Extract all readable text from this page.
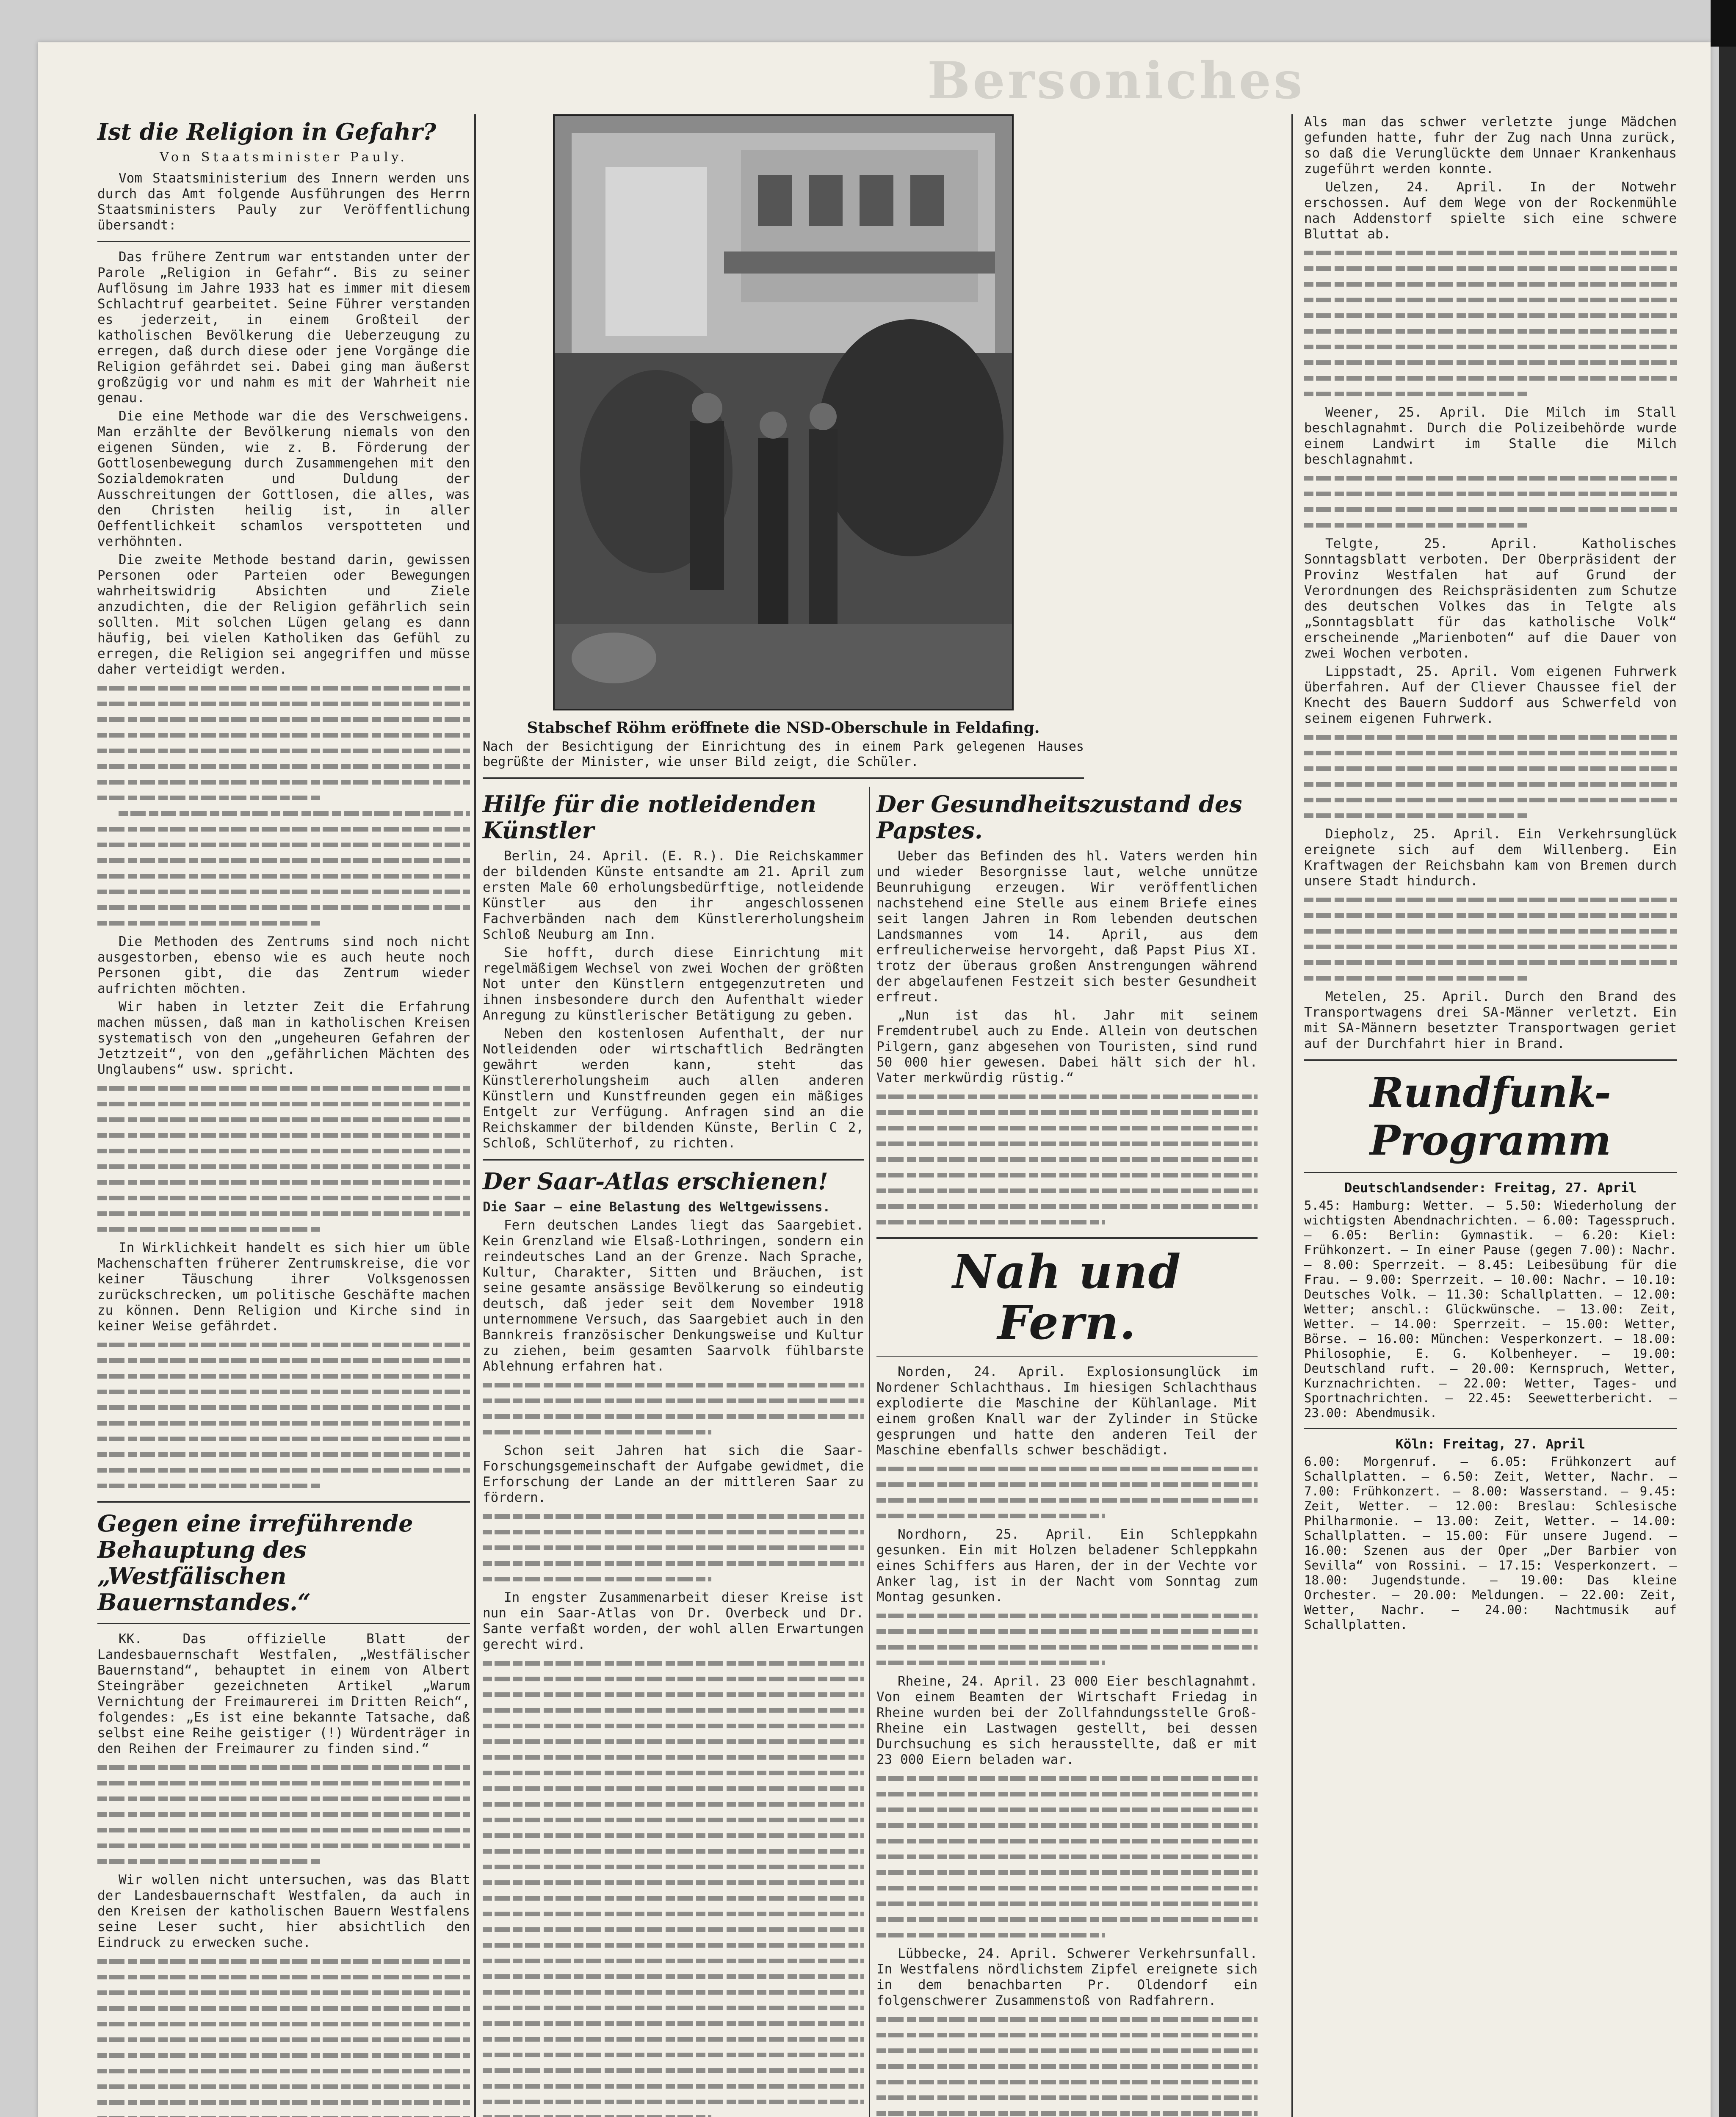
Bersoniches
Ist die Religion in Gefahr?
Von Staatsminister Pauly.
Vom Staatsministerium des Innern werden uns durch das Amt folgende Ausführungen des Herrn Staatsministers Pauly zur Veröffentlichung übersandt:
Das frühere Zentrum war entstanden unter der Parole „Religion in Gefahr“. Bis zu seiner Auflösung im Jahre 1933 hat es immer mit diesem Schlachtruf gearbeitet. Seine Führer verstanden es jederzeit, in einem Großteil der katholischen Bevölkerung die Ueberzeugung zu erregen, daß durch diese oder jene Vorgänge die Religion gefährdet sei. Dabei ging man äußerst großzügig vor und nahm es mit der Wahrheit nie genau.
Die eine Methode war die des Verschweigens. Man erzählte der Bevölkerung niemals von den eigenen Sünden, wie z. B. Förderung der Gottlosenbewegung durch Zusammengehen mit den Sozialdemokraten und Duldung der Ausschreitungen der Gottlosen, die alles, was den Christen heilig ist, in aller Oeffentlichkeit schamlos verspotteten und verhöhnten.
Die zweite Methode bestand darin, gewissen Personen oder Parteien oder Bewegungen wahrheitswidrig Absichten und Ziele anzudichten, die der Religion gefährlich sein sollten. Mit solchen Lügen gelang es dann häufig, bei vielen Katholiken das Gefühl zu erregen, die Religion sei angegriffen und müsse daher verteidigt werden.
Die Methoden des Zentrums sind noch nicht ausgestorben, ebenso wie es auch heute noch Personen gibt, die das Zentrum wieder aufrichten möchten.
Wir haben in letzter Zeit die Erfahrung machen müssen, daß man in katholischen Kreisen systematisch von den „ungeheuren Gefahren der Jetztzeit“, von den „gefährlichen Mächten des Unglaubens“ usw. spricht.
In Wirklichkeit handelt es sich hier um üble Machenschaften früherer Zentrumskreise, die vor keiner Täuschung ihrer Volksgenossen zurückschrecken, um politische Geschäfte machen zu können. Denn Religion und Kirche sind in keiner Weise gefährdet.
Gegen eine irreführende Behauptung des „Westfälischen Bauernstandes.“
KK. Das offizielle Blatt der Landesbauernschaft Westfalen, „Westfälischer Bauernstand“, behauptet in einem von Albert Steingräber gezeichneten Artikel „Warum Vernichtung der Freimaurerei im Dritten Reich“, folgendes: „Es ist eine bekannte Tatsache, daß selbst eine Reihe geistiger (!) Würdenträger in den Reihen der Freimaurer zu finden sind.“
Wir wollen nicht untersuchen, was das Blatt der Landesbauernschaft Westfalen, da auch in den Kreisen der katholischen Bauern Westfalens seine Leser sucht, hier absichtlich den Eindruck zu erwecken suche.
Stabschef Röhm eröffnete die NSD-Oberschule in Feldafing.
Nach der Besichtigung der Einrichtung des in einem Park gelegenen Hauses begrüßte der Minister, wie unser Bild zeigt, die Schüler.
Hilfe für die notleidenden Künstler
Berlin, 24. April. (E. R.). Die Reichskammer der bildenden Künste entsandte am 21. April zum ersten Male 60 erholungsbedürftige, notleidende Künstler aus den ihr angeschlossenen Fachverbänden nach dem Künstlererholungsheim Schloß Neuburg am Inn.
Sie hofft, durch diese Einrichtung mit regelmäßigem Wechsel von zwei Wochen der größten Not unter den Künstlern entgegenzutreten und ihnen insbesondere durch den Aufenthalt wieder Anregung zu künstlerischer Betätigung zu geben.
Neben den kostenlosen Aufenthalt, der nur Notleidenden oder wirtschaftlich Bedrängten gewährt werden kann, steht das Künstlererholungsheim auch allen anderen Künstlern und Kunstfreunden gegen ein mäßiges Entgelt zur Verfügung. Anfragen sind an die Reichskammer der bildenden Künste, Berlin C 2, Schloß, Schlüterhof, zu richten.
Der Saar-Atlas erschienen!
Die Saar — eine Belastung des Weltgewissens.
Fern deutschen Landes liegt das Saargebiet. Kein Grenzland wie Elsaß-Lothringen, sondern ein reindeutsches Land an der Grenze. Nach Sprache, Kultur, Charakter, Sitten und Bräuchen, ist seine gesamte ansässige Bevölkerung so eindeutig deutsch, daß jeder seit dem November 1918 unternommene Versuch, das Saargebiet auch in den Bannkreis französischer Denkungsweise und Kultur zu ziehen, beim gesamten Saarvolk fühlbarste Ablehnung erfahren hat.
Schon seit Jahren hat sich die Saar-Forschungsgemeinschaft der Aufgabe gewidmet, die Erforschung der Lande an der mittleren Saar zu fördern.
In engster Zusammenarbeit dieser Kreise ist nun ein Saar-Atlas von Dr. Overbeck und Dr. Sante verfaßt worden, der wohl allen Erwartungen gerecht wird.
Der Gesundheitszustand des Papstes.
Ueber das Befinden des hl. Vaters werden hin und wieder Besorgnisse laut, welche unnütze Beunruhigung erzeugen. Wir veröffentlichen nachstehend eine Stelle aus einem Briefe eines seit langen Jahren in Rom lebenden deutschen Landsmannes vom 14. April, aus dem erfreulicherweise hervorgeht, daß Papst Pius XI. trotz der überaus großen Anstrengungen während der abgelaufenen Festzeit sich bester Gesundheit erfreut.
„Nun ist das hl. Jahr mit seinem Fremdentrubel auch zu Ende. Allein von deutschen Pilgern, ganz abgesehen von Touristen, sind rund 50 000 hier gewesen. Dabei hält sich der hl. Vater merkwürdig rüstig.“
Nah und Fern.
Norden, 24. April. Explosionsunglück im Nordener Schlachthaus. Im hiesigen Schlachthaus explodierte die Maschine der Kühlanlage. Mit einem großen Knall war der Zylinder in Stücke gesprungen und hatte den anderen Teil der Maschine ebenfalls schwer beschädigt.
Nordhorn, 25. April. Ein Schleppkahn gesunken. Ein mit Holzen beladener Schleppkahn eines Schiffers aus Haren, der in der Vechte vor Anker lag, ist in der Nacht vom Sonntag zum Montag gesunken.
Rheine, 24. April. 23 000 Eier beschlagnahmt. Von einem Beamten der Wirtschaft Friedag in Rheine wurden bei der Zollfahndungsstelle Groß-Rheine ein Lastwagen gestellt, bei dessen Durchsuchung es sich herausstellte, daß er mit 23 000 Eiern beladen war.
Lübbecke, 24. April. Schwerer Verkehrsunfall. In Westfalens nördlichstem Zipfel ereignete sich in dem benachbarten Pr. Oldendorf ein folgenschwerer Zusammenstoß von Radfahrern.
Als man das schwer verletzte junge Mädchen gefunden hatte, fuhr der Zug nach Unna zurück, so daß die Verunglückte dem Unnaer Krankenhaus zugeführt werden konnte.
Uelzen, 24. April. In der Notwehr erschossen. Auf dem Wege von der Rockenmühle nach Addenstorf spielte sich eine schwere Bluttat ab.
Weener, 25. April. Die Milch im Stall beschlagnahmt. Durch die Polizeibehörde wurde einem Landwirt im Stalle die Milch beschlagnahmt.
Telgte, 25. April. Katholisches Sonntagsblatt verboten. Der Oberpräsident der Provinz Westfalen hat auf Grund der Verordnungen des Reichspräsidenten zum Schutze des deutschen Volkes das in Telgte als „Sonntagsblatt für das katholische Volk“ erscheinende „Marienboten“ auf die Dauer von zwei Wochen verboten.
Lippstadt, 25. April. Vom eigenen Fuhrwerk überfahren. Auf der Cliever Chaussee fiel der Knecht des Bauern Suddorf aus Schwerfeld von seinem eigenen Fuhrwerk.
Diepholz, 25. April. Ein Verkehrsunglück ereignete sich auf dem Willenberg. Ein Kraftwagen der Reichsbahn kam von Bremen durch unsere Stadt hindurch.
Metelen, 25. April. Durch den Brand des Transportwagens drei SA-Männer verletzt. Ein mit SA-Männern besetzter Transportwagen geriet auf der Durchfahrt hier in Brand.
Rundfunk-Programm
Deutschlandsender: Freitag, 27. April
5.45: Hamburg: Wetter. — 5.50: Wiederholung der wichtigsten Abendnachrichten. — 6.00: Tagesspruch. — 6.05: Berlin: Gymnastik. — 6.20: Kiel: Frühkonzert. — In einer Pause (gegen 7.00): Nachr. — 8.00: Sperrzeit. — 8.45: Leibesübung für die Frau. — 9.00: Sperrzeit. — 10.00: Nachr. — 10.10: Deutsches Volk. — 11.30: Schallplatten. — 12.00: Wetter; anschl.: Glückwünsche. — 13.00: Zeit, Wetter. — 14.00: Sperrzeit. — 15.00: Wetter, Börse. — 16.00: München: Vesperkonzert. — 18.00: Philosophie, E. G. Kolbenheyer. — 19.00: Deutschland ruft. — 20.00: Kernspruch, Wetter, Kurznachrichten. — 22.00: Wetter, Tages- und Sportnachrichten. — 22.45: Seewetterbericht. — 23.00: Abendmusik.
Köln: Freitag, 27. April
6.00: Morgenruf. — 6.05: Frühkonzert auf Schallplatten. — 6.50: Zeit, Wetter, Nachr. — 7.00: Frühkonzert. — 8.00: Wasserstand. — 9.45: Zeit, Wetter. — 12.00: Breslau: Schlesische Philharmonie. — 13.00: Zeit, Wetter. — 14.00: Schallplatten. — 15.00: Für unsere Jugend. — 16.00: Szenen aus der Oper „Der Barbier von Sevilla“ von Rossini. — 17.15: Vesperkonzert. — 18.00: Jugendstunde. — 19.00: Das kleine Orchester. — 20.00: Meldungen. — 22.00: Zeit, Wetter, Nachr. — 24.00: Nachtmusik auf Schallplatten.
